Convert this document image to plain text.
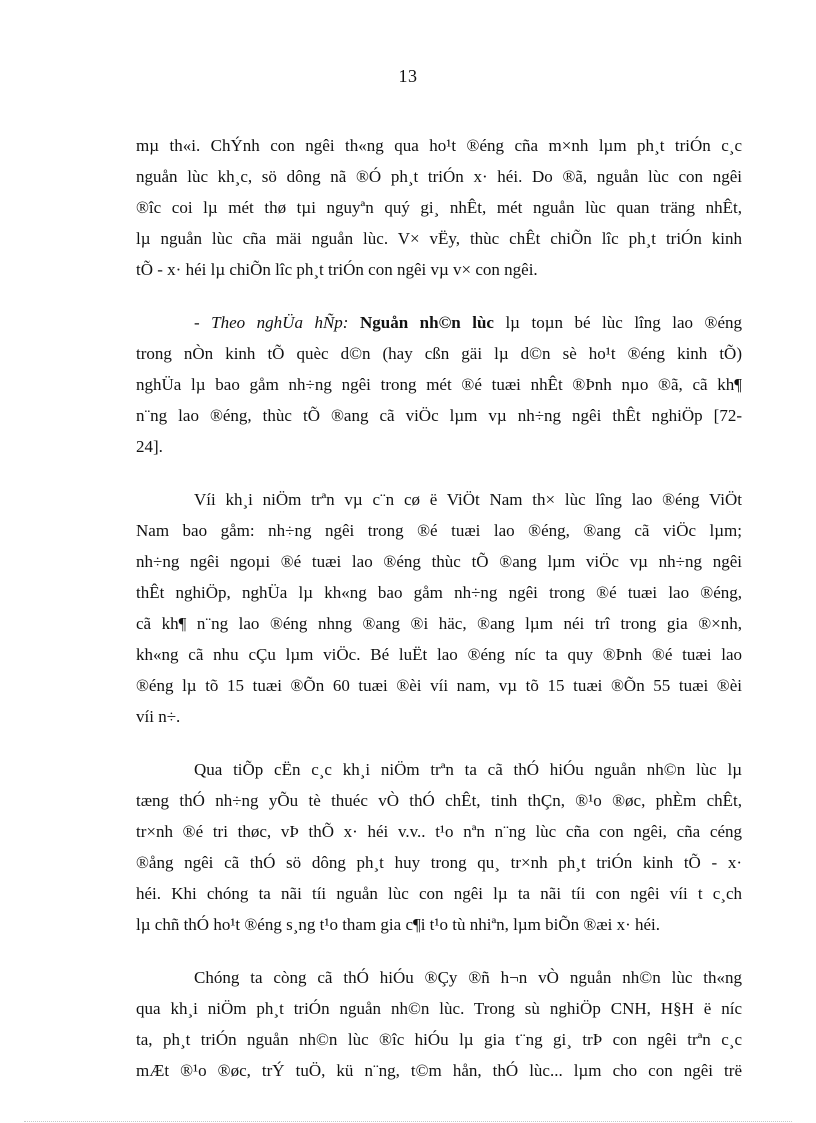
13
mµ th«i. ChÝnh con ngêi th«ng qua ho¹t ®éng cña m×nh lµm ph¸t triÓn c¸c
nguån lùc kh¸c, sö dông nã ®Ó ph¸t triÓn x· héi. Do ®ã, nguån lùc con ngêi
®îc coi lµ mét thø tµi nguyªn quý gi¸ nhÊt, mét nguån lùc quan träng nhÊt,
lµ nguån lùc cña mäi nguån lùc. V× vËy, thùc chÊt chiÕn lîc ph¸t triÓn kinh
tÕ - x· héi lµ chiÕn lîc ph¸t triÓn con ngêi vµ v× con ngêi.
- Theo nghÜa hÑp: Nguån nh©n lùc lµ toµn bé lùc lîng lao ®éng
trong nÒn kinh tÕ quèc d©n (hay cßn gäi lµ d©n sè ho¹t ®éng kinh tÕ)
nghÜa lµ bao gåm nh÷ng ngêi trong mét ®é tuæi nhÊt ®Þnh nµo ®ã, cã kh¶
n¨ng lao ®éng, thùc tÕ ®ang cã viÖc lµm vµ nh÷ng ngêi thÊt nghiÖp [72-
24].
Víi kh¸i niÖm trªn vµ c¨n cø ë ViÖt Nam th× lùc lîng lao ®éng ViÖt
Nam bao gåm: nh÷ng ngêi trong ®é tuæi lao ®éng, ®ang cã viÖc lµm;
nh÷ng ngêi ngoµi ®é tuæi lao ®éng thùc tÕ ®ang lµm viÖc vµ nh÷ng ngêi
thÊt nghiÖp, nghÜa lµ kh«ng bao gåm nh÷ng ngêi trong ®é tuæi lao ®éng,
cã kh¶ n¨ng lao ®éng nhng ®ang ®i häc, ®ang lµm néi trî trong gia ®×nh,
kh«ng cã nhu cÇu lµm viÖc. Bé luËt lao ®éng níc ta quy ®Þnh ®é tuæi lao
®éng lµ tõ 15 tuæi ®Õn 60 tuæi ®èi víi nam, vµ tõ 15 tuæi ®Õn 55 tuæi ®èi
víi n÷.
Qua tiÕp cËn c¸c kh¸i niÖm trªn ta cã thÓ hiÓu nguån nh©n lùc lµ
tæng thÓ nh÷ng yÕu tè thuéc vÒ thÓ chÊt, tinh thÇn, ®¹o ®øc, phÈm chÊt,
tr×nh ®é tri thøc, vÞ thÕ x· héi v.v.. t¹o nªn n¨ng lùc cña con ngêi, cña céng
®ång ngêi cã thÓ sö dông ph¸t huy trong qu¸ tr×nh ph¸t triÓn kinh tÕ - x·
héi. Khi chóng ta nãi tíi nguån lùc con ngêi lµ ta nãi tíi con ngêi víi t c¸ch
lµ chñ thÓ ho¹t ®éng s¸ng t¹o tham gia c¶i t¹o tù nhiªn, lµm biÕn ®æi x· héi.
Chóng ta còng cã thÓ hiÓu ®Çy ®ñ h¬n vÒ nguån nh©n lùc th«ng
qua kh¸i niÖm ph¸t triÓn nguån nh©n lùc. Trong sù nghiÖp CNH, H§H ë níc
ta, ph¸t triÓn nguån nh©n lùc ®îc hiÓu lµ gia t¨ng gi¸ trÞ con ngêi trªn c¸c
mÆt ®¹o ®øc, trÝ tuÖ, kü n¨ng, t©m hån, thÓ lùc... lµm cho con ngêi trë
